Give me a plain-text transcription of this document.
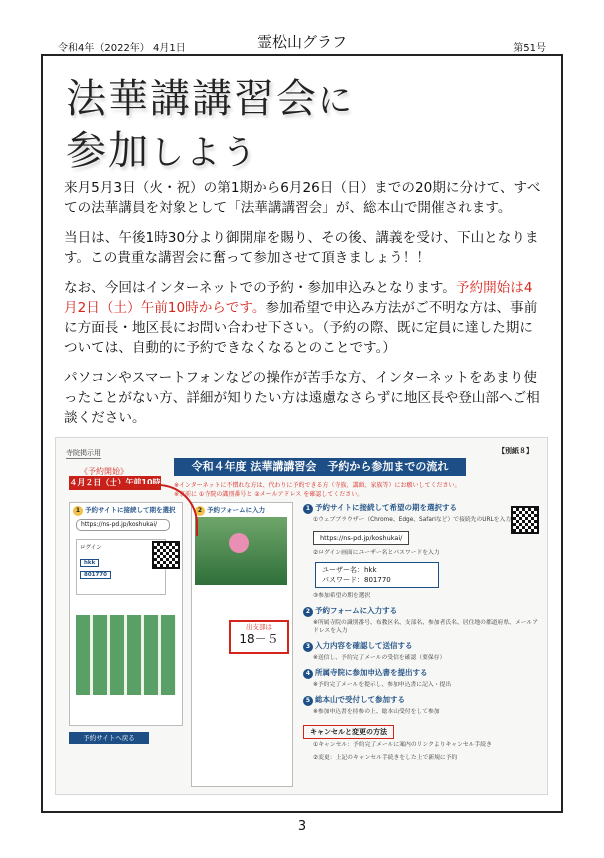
令和4年（2022年） 4月1日	霊松山グラフ	第51号
法華講講習会に
参加しよう

来月5月3日（火・祝）の第1期から6月26日（日）までの20期に分けて、すべての法華講員を対象として「法華講講習会」が、総本山で開催されます。

当日は、午後1時30分より御開扉を賜り、その後、講義を受け、下山となります。この貴重な講習会に奮って参加させて頂きましょう！！

なお、今回はインターネットでの予約・参加申込みとなります。予約開始は4月2日（土）午前10時からです。参加希望で申込み方法がご不明な方は、事前に方面長・地区長にお問い合わせ下さい。（予約の際、既に定員に達した期については、自動的に予約できなくなるとのことです。）

パソコンやスマートフォンなどの操作が苦手な方、インターネットをあまり使ったことがない方、詳細が知りたい方は遠慮なさらずに地区長や登山部へご相談ください。

寺院掲示用	【別紙８】
《予約開始》
４月２日（土）午前10時
令和４年度 法華講講習会　予約から参加までの流れ
※インターネットに不慣れな方は、代わりに予約できる方（寺族、講頭、家族等）にお願いしてください。
※事前に ①寺院の識別番号と ②メールアドレス を確認してください。
1 予約サイトに接続して期を選択
https://ns-pd.jp/koshukai/
ログイン
hkk
801770
2 予約フォームに入力
出支部は
18－５
1 予約サイトに接続して希望の期を選択する
①ウェブブラウザー（Chrome、Edge、Safariなど）で接続先のURLを入力
https://ns-pd.jp/koshukai/
②ログイン画面にユーザー名とパスワードを入力
ユーザー名：hkk
パスワード：801770
③参加希望の期を選択
2 予約フォームに入力する
※所属寺院の識別番号、布教区名、支部名、参加者氏名、居住地の都道府県、メールアドレスを入力
3 入力内容を確認して送信する
※送信し、予約完了メールの受信を確認（要保存）
4 所属寺院に参加申込書を提出する
※予約完了メールを提示し、参加申込書に記入・提出
5 総本山で受付して参加する
※参加申込書を持参の上、総本山受付をして参加
キャンセルと変更の方法
①キャンセル：予約完了メールに案内のリンクよりキャンセル手続き
②変更：上記のキャンセル手続きをした上で新規に予約
予約サイトへ戻る
3
